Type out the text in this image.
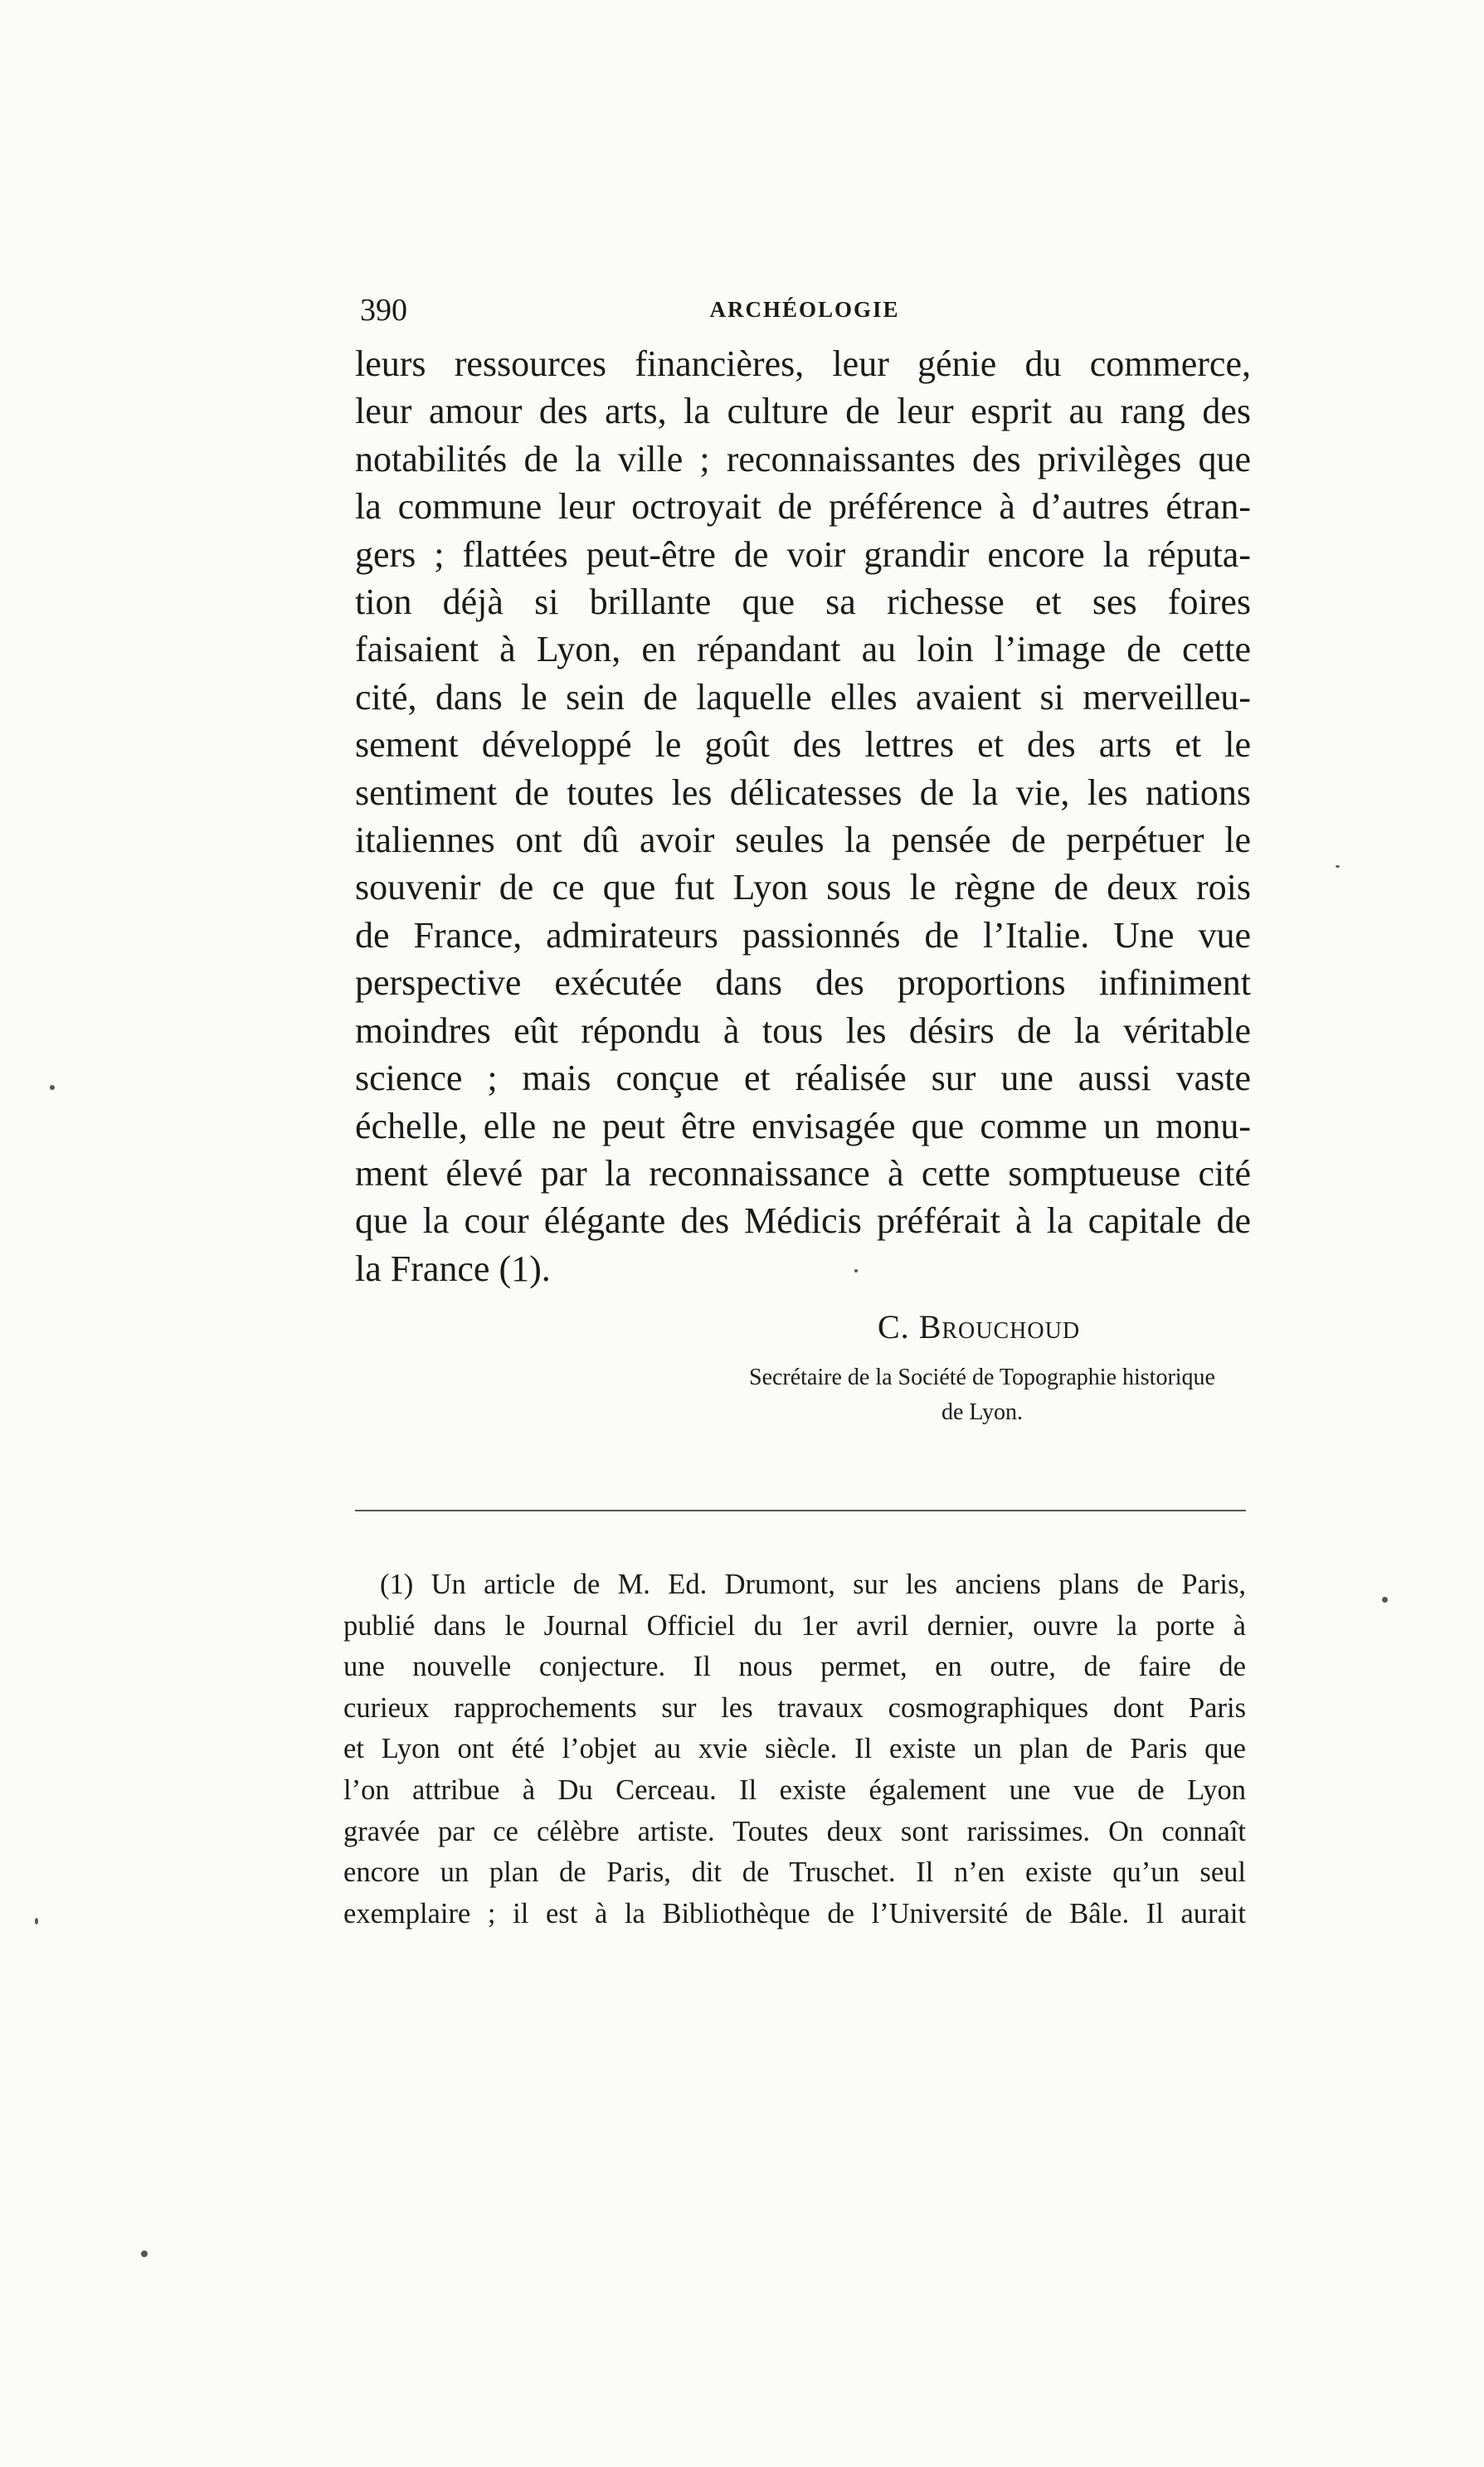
390	ARCHÉOLOGIE
leurs ressources financières, leur génie du commerce,
leur amour des arts, la culture de leur esprit au rang des
notabilités de la ville ; reconnaissantes des privilèges que
la commune leur octroyait de préférence à d’autres étran-
gers ; flattées peut-être de voir grandir encore la réputa-
tion déjà si brillante que sa richesse et ses foires
faisaient à Lyon, en répandant au loin l’image de cette
cité, dans le sein de laquelle elles avaient si merveilleu-
sement développé le goût des lettres et des arts et le
sentiment de toutes les délicatesses de la vie, les nations
italiennes ont dû avoir seules la pensée de perpétuer le
souvenir de ce que fut Lyon sous le règne de deux rois
de France, admirateurs passionnés de l’Italie. Une vue
perspective exécutée dans des proportions infiniment
moindres eût répondu à tous les désirs de la véritable
science ; mais conçue et réalisée sur une aussi vaste
échelle, elle ne peut être envisagée que comme un monu-
ment élevé par la reconnaissance à cette somptueuse cité
que la cour élégante des Médicis préférait à la capitale de
la France (1).
C. Brouchoud
Secrétaire de la Société de Topographie historique
de Lyon.
(1) Un article de M. Ed. Drumont, sur les anciens plans de Paris,
publié dans le Journal Officiel du 1er avril dernier, ouvre la porte à
une nouvelle conjecture. Il nous permet, en outre, de faire de
curieux rapprochements sur les travaux cosmographiques dont Paris
et Lyon ont été l’objet au xvie siècle. Il existe un plan de Paris que
l’on attribue à Du Cerceau. Il existe également une vue de Lyon
gravée par ce célèbre artiste. Toutes deux sont rarissimes. On connaît
encore un plan de Paris, dit de Truschet. Il n’en existe qu’un seul
exemplaire ; il est à la Bibliothèque de l’Université de Bâle. Il aurait
